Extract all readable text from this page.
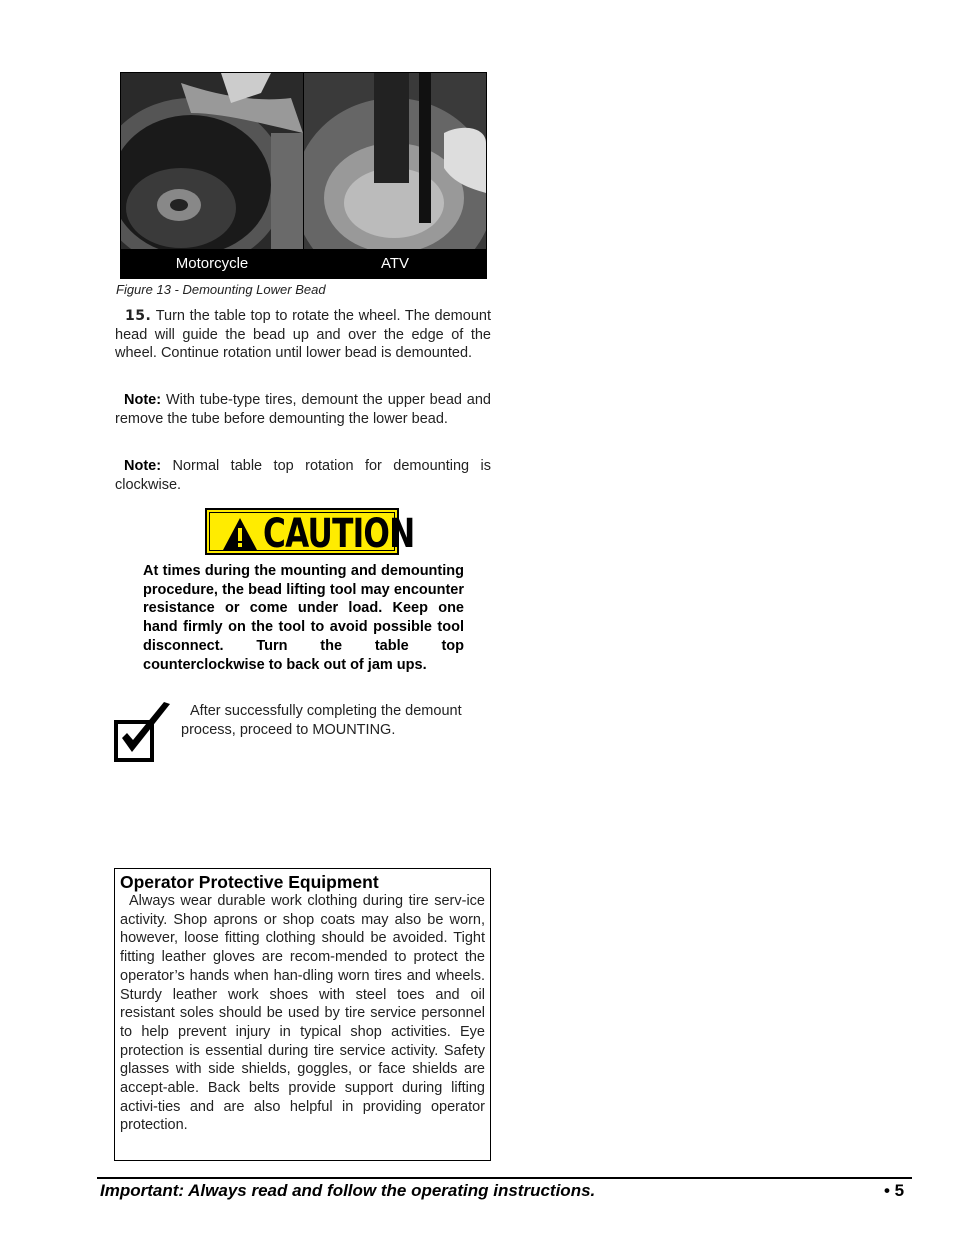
Motorcycle	ATV
Figure 13 - Demounting Lower Bead
15. Turn the table top to rotate the wheel. The demount head will guide the bead up and over the edge of the wheel. Continue rotation until lower bead is demounted.
Note: With tube-type tires, demount the upper bead and remove the tube before demounting the lower bead.
Note: Normal table top rotation for demounting is clockwise.
CAUTION
At times during the mounting and demounting procedure, the bead lifting tool may encounter resistance or come under load. Keep one hand firmly on the tool to avoid possible tool disconnect. Turn the table top counterclockwise to back out of jam ups.
After successfully completing the demount process, proceed to MOUNTING.
Operator Protective Equipment
Always wear durable work clothing during tire serv-ice activity. Shop aprons or shop coats may also be worn, however, loose fitting clothing should be avoided. Tight fitting leather gloves are recom-mended to protect the operator’s hands when han-dling worn tires and wheels. Sturdy leather work shoes with steel toes and oil resistant soles should be used by tire service personnel to help prevent injury in typical shop activities. Eye protection is essential during tire service activity. Safety glasses with side shields, goggles, or face shields are accept-able. Back belts provide support during lifting activi-ties and are also helpful in providing operator protection.
Important: Always read and follow the operating instructions.	• 5
